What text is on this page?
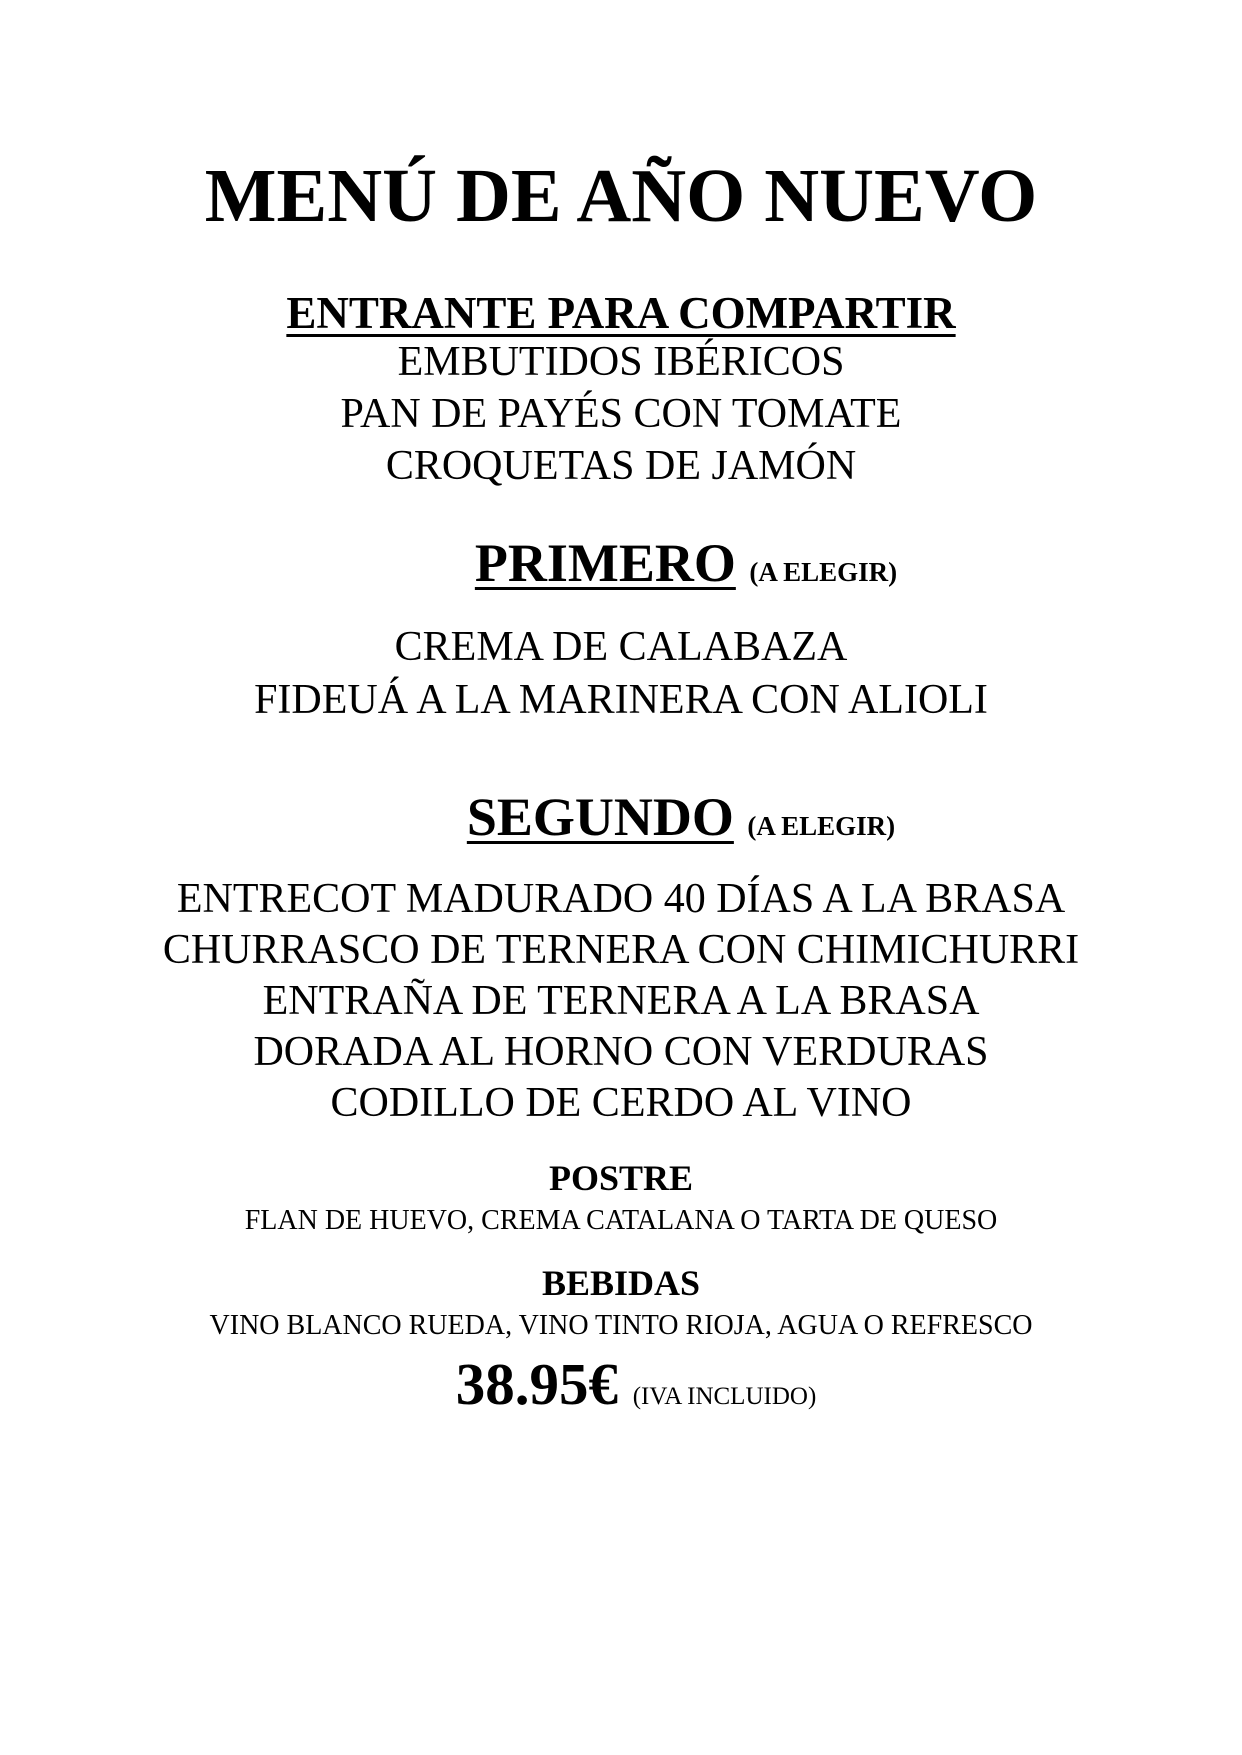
MENÚ DE AÑO NUEVO
ENTRANTE PARA COMPARTIR
EMBUTIDOS IBÉRICOS
PAN DE PAYÉS CON TOMATE
CROQUETAS DE JAMÓN
PRIMERO (A ELEGIR)
CREMA DE CALABAZA
FIDEUÁ A LA MARINERA CON ALIOLI
SEGUNDO (A ELEGIR)
ENTRECOT MADURADO 40 DÍAS A LA BRASA
CHURRASCO DE TERNERA CON CHIMICHURRI
ENTRAÑA DE TERNERA A LA BRASA
DORADA AL HORNO CON VERDURAS
CODILLO DE CERDO AL VINO
POSTRE
FLAN DE HUEVO, CREMA CATALANA O TARTA DE QUESO
BEBIDAS
VINO BLANCO RUEDA, VINO TINTO RIOJA, AGUA O REFRESCO
38.95€ (IVA INCLUIDO)
